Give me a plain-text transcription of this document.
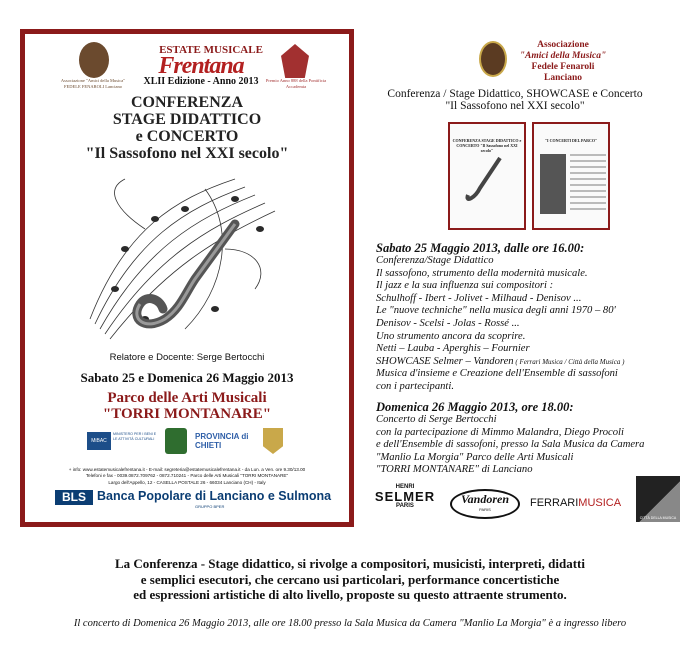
Associazione "Amici della Musica" FEDELE FENAROLI Lanciano
ESTATE MUSICALE
Frentana
XLII Edizione - Anno 2013	Premio Anno 888 della Pontificia Accademia
CONFERENZA
STAGE DIDATTICO
e CONCERTO
"Il Sassofono nel XXI secolo"
Relatore e Docente: Serge Bertocchi
Sabato 25 e Domenica 26 Maggio 2013
Parco delle Arti Musicali
"TORRI MONTANARE"
MiBAC
MINISTERO PER I BENI E LE ATTIVITÀ CULTURALI	PROVINCIA di CHIETI
+ info: www.estatemusicalefrentana.it - E-mail: segreteria@estatemusicalefrentana.it - da Lun. a Ven. ore 9.30/13.00
Telefoni e fax - 0039.0872.709762 - 0872.710241 - Parco delle Arti Musicali "TORRI MONTANARE"
Largo dell'Appello, 12 - CASELLA POSTALE 26 - 66034 Lanciano (CH) - Italy
BLS Banca Popolare di Lanciano e Sulmona
GRUPPO BPER
Associazione
"Amici della Musica"
Fedele Fenaroli
Lanciano
Conferenza / Stage Didattico, SHOWCASE e Concerto
"Il Sassofono nel XXI secolo"
CONFERENZA STAGE DIDATTICO e CONCERTO "Il Sassofono nel XXI secolo"
"I CONCERTI DEL PARCO"
Sabato 25 Maggio 2013, dalle ore 16.00:
Conferenza/Stage Didattico
Il sassofono, strumento della modernità musicale.
Il jazz e la sua influenza sui compositori :
Schulhoff - Ibert - Jolivet - Milhaud - Denisov ...
Le "nuove techniche" nella musica degli anni 1970 – 80'
Denisov - Scelsi - Jolas - Rossé ...
Uno strumento ancora da scoprire.
Netti – Lauba - Aperghis – Fournier
SHOWCASE Selmer – Vandoren ( Ferrari Musica / Città della Musica )
Musica d'insieme e Creazione dell'Ensemble di sassofoni
con i partecipanti.
Domenica 26 Maggio 2013, ore 18.00:
Concerto di Serge Bertocchi
con la partecipazione di Mimmo Malandra, Diego Procoli
e dell'Ensemble di sassofoni, presso la Sala Musica da Camera
"Manlio La Morgia" Parco delle Arti Musicali
"TORRI MONTANARE" di Lanciano
HENRI
SELMER
PARIS	Vandoren
PARIS
FERRARIMUSICA
CITTÀ DELLA MUSICA
La Conferenza - Stage didattico, si rivolge a compositori, musicisti, interpreti, didatti
e semplici esecutori, che cercano usi particolari, performance concertistiche
ed espressioni artistiche di alto livello, proposte su questo attraente strumento.
Il concerto di Domenica 26 Maggio 2013, alle ore 18.00 presso la Sala Musica da Camera "Manlio La Morgia" è a ingresso libero
